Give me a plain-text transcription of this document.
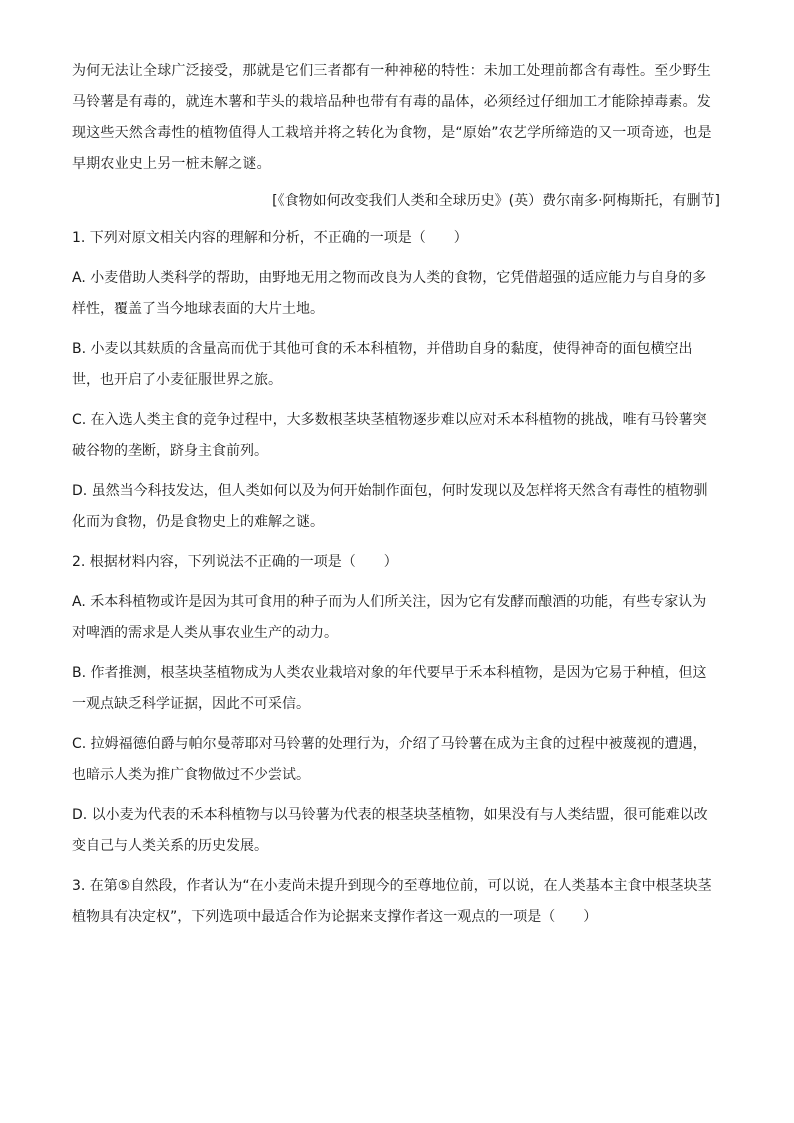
为何无法让全球广泛接受，那就是它们三者都有一种神秘的特性：未加工处理前都含有毒性。至少野生马铃薯是有毒的，就连木薯和芋头的栽培品种也带有有毒的晶体，必须经过仔细加工才能除掉毒素。发现这些天然含毒性的植物值得人工栽培并将之转化为食物，是“原始”农艺学所缔造的又一项奇迹，也是早期农业史上另一桩未解之谜。

[《食物如何改变我们人类和全球历史》(英）费尔南多·阿梅斯托，有删节]

1. 下列对原文相关内容的理解和分析，不正确的一项是（　　）

A. 小麦借助人类科学的帮助，由野地无用之物而改良为人类的食物，它凭借超强的适应能力与自身的多样性，覆盖了当今地球表面的大片土地。

B. 小麦以其麸质的含量高而优于其他可食的禾本科植物，并借助自身的黏度，使得神奇的面包横空出世，也开启了小麦征服世界之旅。

C. 在入选人类主食的竞争过程中，大多数根茎块茎植物逐步难以应对禾本科植物的挑战，唯有马铃薯突破谷物的垄断，跻身主食前列。

D. 虽然当今科技发达，但人类如何以及为何开始制作面包，何时发现以及怎样将天然含有毒性的植物驯化而为食物，仍是食物史上的难解之谜。

2. 根据材料内容，下列说法不正确的一项是（　　）

A. 禾本科植物或许是因为其可食用的种子而为人们所关注，因为它有发酵而酿酒的功能，有些专家认为对啤酒的需求是人类从事农业生产的动力。

B. 作者推测，根茎块茎植物成为人类农业栽培对象的年代要早于禾本科植物，是因为它易于种植，但这一观点缺乏科学证据，因此不可采信。

C. 拉姆福德伯爵与帕尔曼蒂耶对马铃薯的处理行为，介绍了马铃薯在成为主食的过程中被蔑视的遭遇，也暗示人类为推广食物做过不少尝试。

D. 以小麦为代表的禾本科植物与以马铃薯为代表的根茎块茎植物，如果没有与人类结盟，很可能难以改变自己与人类关系的历史发展。

3. 在第⑤自然段，作者认为“在小麦尚未提升到现今的至尊地位前，可以说，在人类基本主食中根茎块茎植物具有决定权”，下列选项中最适合作为论据来支撑作者这一观点的一项是（　　）
